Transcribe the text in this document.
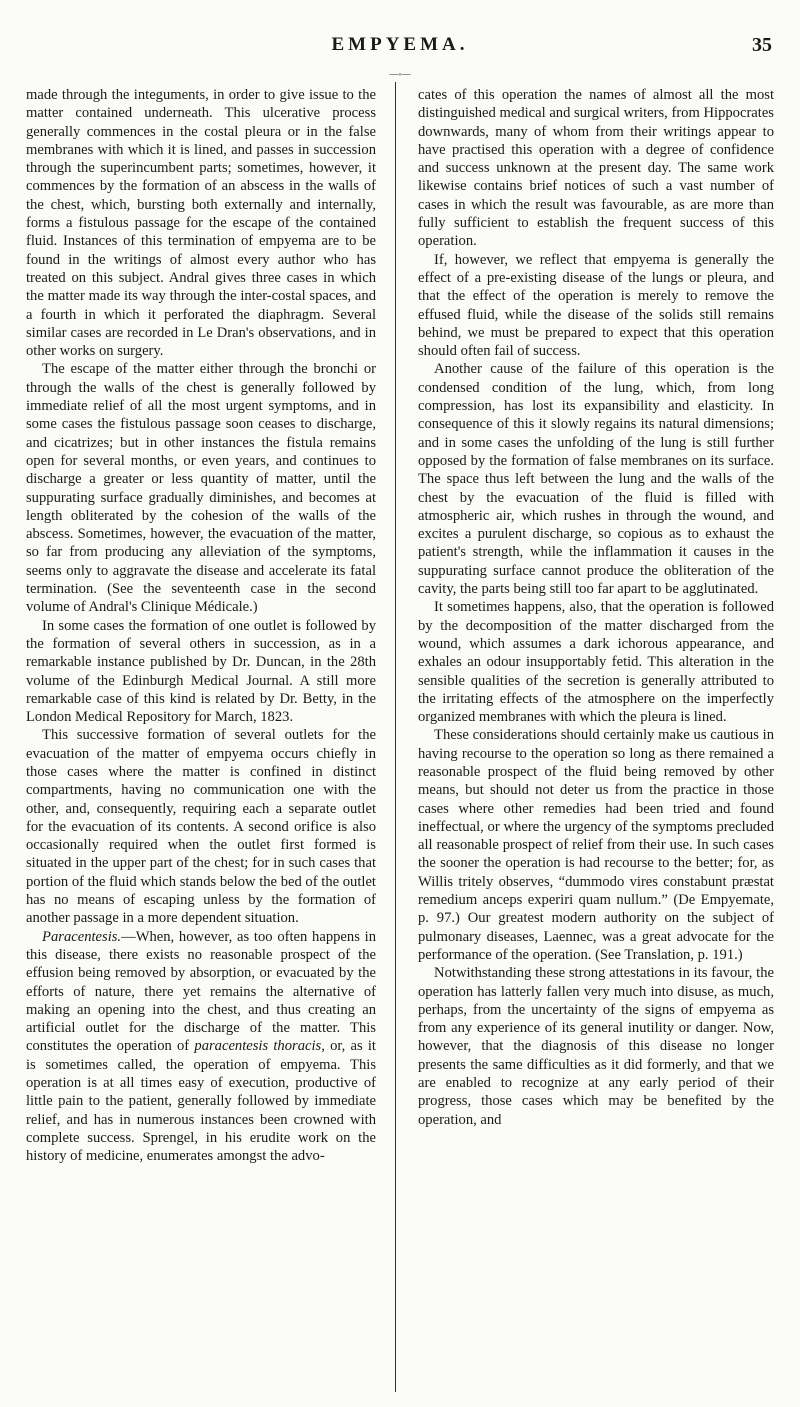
EMPYEMA.	35
—◦—

made through the integuments, in order to give issue to the matter contained underneath. This ulcerative process generally commences in the costal pleura or in the false membranes with which it is lined, and passes in succession through the superincumbent parts; sometimes, however, it commences by the formation of an abscess in the walls of the chest, which, bursting both externally and internally, forms a fistulous passage for the escape of the contained fluid. Instances of this termination of empyema are to be found in the writings of almost every author who has treated on this subject. Andral gives three cases in which the matter made its way through the inter-costal spaces, and a fourth in which it perforated the diaphragm. Several similar cases are recorded in Le Dran's observations, and in other works on surgery.

The escape of the matter either through the bronchi or through the walls of the chest is generally followed by immediate relief of all the most urgent symptoms, and in some cases the fistulous passage soon ceases to discharge, and cicatrizes; but in other instances the fistula remains open for several months, or even years, and continues to discharge a greater or less quantity of matter, until the suppurating surface gradually diminishes, and becomes at length obliterated by the cohesion of the walls of the abscess. Sometimes, however, the evacuation of the matter, so far from producing any alleviation of the symptoms, seems only to aggravate the disease and accelerate its fatal termination. (See the seventeenth case in the second volume of Andral's Clinique Médicale.)

In some cases the formation of one outlet is followed by the formation of several others in succession, as in a remarkable instance published by Dr. Duncan, in the 28th volume of the Edinburgh Medical Journal. A still more remarkable case of this kind is related by Dr. Betty, in the London Medical Repository for March, 1823.

This successive formation of several outlets for the evacuation of the matter of empyema occurs chiefly in those cases where the matter is confined in distinct compartments, having no communication one with the other, and, consequently, requiring each a separate outlet for the evacuation of its contents. A second orifice is also occasionally required when the outlet first formed is situated in the upper part of the chest; for in such cases that portion of the fluid which stands below the bed of the outlet has no means of escaping unless by the formation of another passage in a more dependent situation.

Paracentesis.—When, however, as too often happens in this disease, there exists no reasonable prospect of the effusion being removed by absorption, or evacuated by the efforts of nature, there yet remains the alternative of making an opening into the chest, and thus creating an artificial outlet for the discharge of the matter. This constitutes the operation of paracentesis thoracis, or, as it is sometimes called, the operation of empyema. This operation is at all times easy of execution, productive of little pain to the patient, generally followed by immediate relief, and has in numerous instances been crowned with complete success. Sprengel, in his erudite work on the history of medicine, enumerates amongst the advo-

cates of this operation the names of almost all the most distinguished medical and surgical writers, from Hippocrates downwards, many of whom from their writings appear to have practised this operation with a degree of confidence and success unknown at the present day. The same work likewise contains brief notices of such a vast number of cases in which the result was favourable, as are more than fully sufficient to establish the frequent success of this operation.

If, however, we reflect that empyema is generally the effect of a pre-existing disease of the lungs or pleura, and that the effect of the operation is merely to remove the effused fluid, while the disease of the solids still remains behind, we must be prepared to expect that this operation should often fail of success.

Another cause of the failure of this operation is the condensed condition of the lung, which, from long compression, has lost its expansibility and elasticity. In consequence of this it slowly regains its natural dimensions; and in some cases the unfolding of the lung is still further opposed by the formation of false membranes on its surface. The space thus left between the lung and the walls of the chest by the evacuation of the fluid is filled with atmospheric air, which rushes in through the wound, and excites a purulent discharge, so copious as to exhaust the patient's strength, while the inflammation it causes in the suppurating surface cannot produce the obliteration of the cavity, the parts being still too far apart to be agglutinated.

It sometimes happens, also, that the operation is followed by the decomposition of the matter discharged from the wound, which assumes a dark ichorous appearance, and exhales an odour insupportably fetid. This alteration in the sensible qualities of the secretion is generally attributed to the irritating effects of the atmosphere on the imperfectly organized membranes with which the pleura is lined.

These considerations should certainly make us cautious in having recourse to the operation so long as there remained a reasonable prospect of the fluid being removed by other means, but should not deter us from the practice in those cases where other remedies had been tried and found ineffectual, or where the urgency of the symptoms precluded all reasonable prospect of relief from their use. In such cases the sooner the operation is had recourse to the better; for, as Willis tritely observes, “dummodo vires constabunt præstat remedium anceps experiri quam nullum.” (De Empyemate, p. 97.) Our greatest modern authority on the subject of pulmonary diseases, Laennec, was a great advocate for the performance of the operation. (See Translation, p. 191.)

Notwithstanding these strong attestations in its favour, the operation has latterly fallen very much into disuse, as much, perhaps, from the uncertainty of the signs of empyema as from any experience of its general inutility or danger. Now, however, that the diagnosis of this disease no longer presents the same difficulties as it did formerly, and that we are enabled to recognize at any early period of their progress, those cases which may be benefited by the operation, and
